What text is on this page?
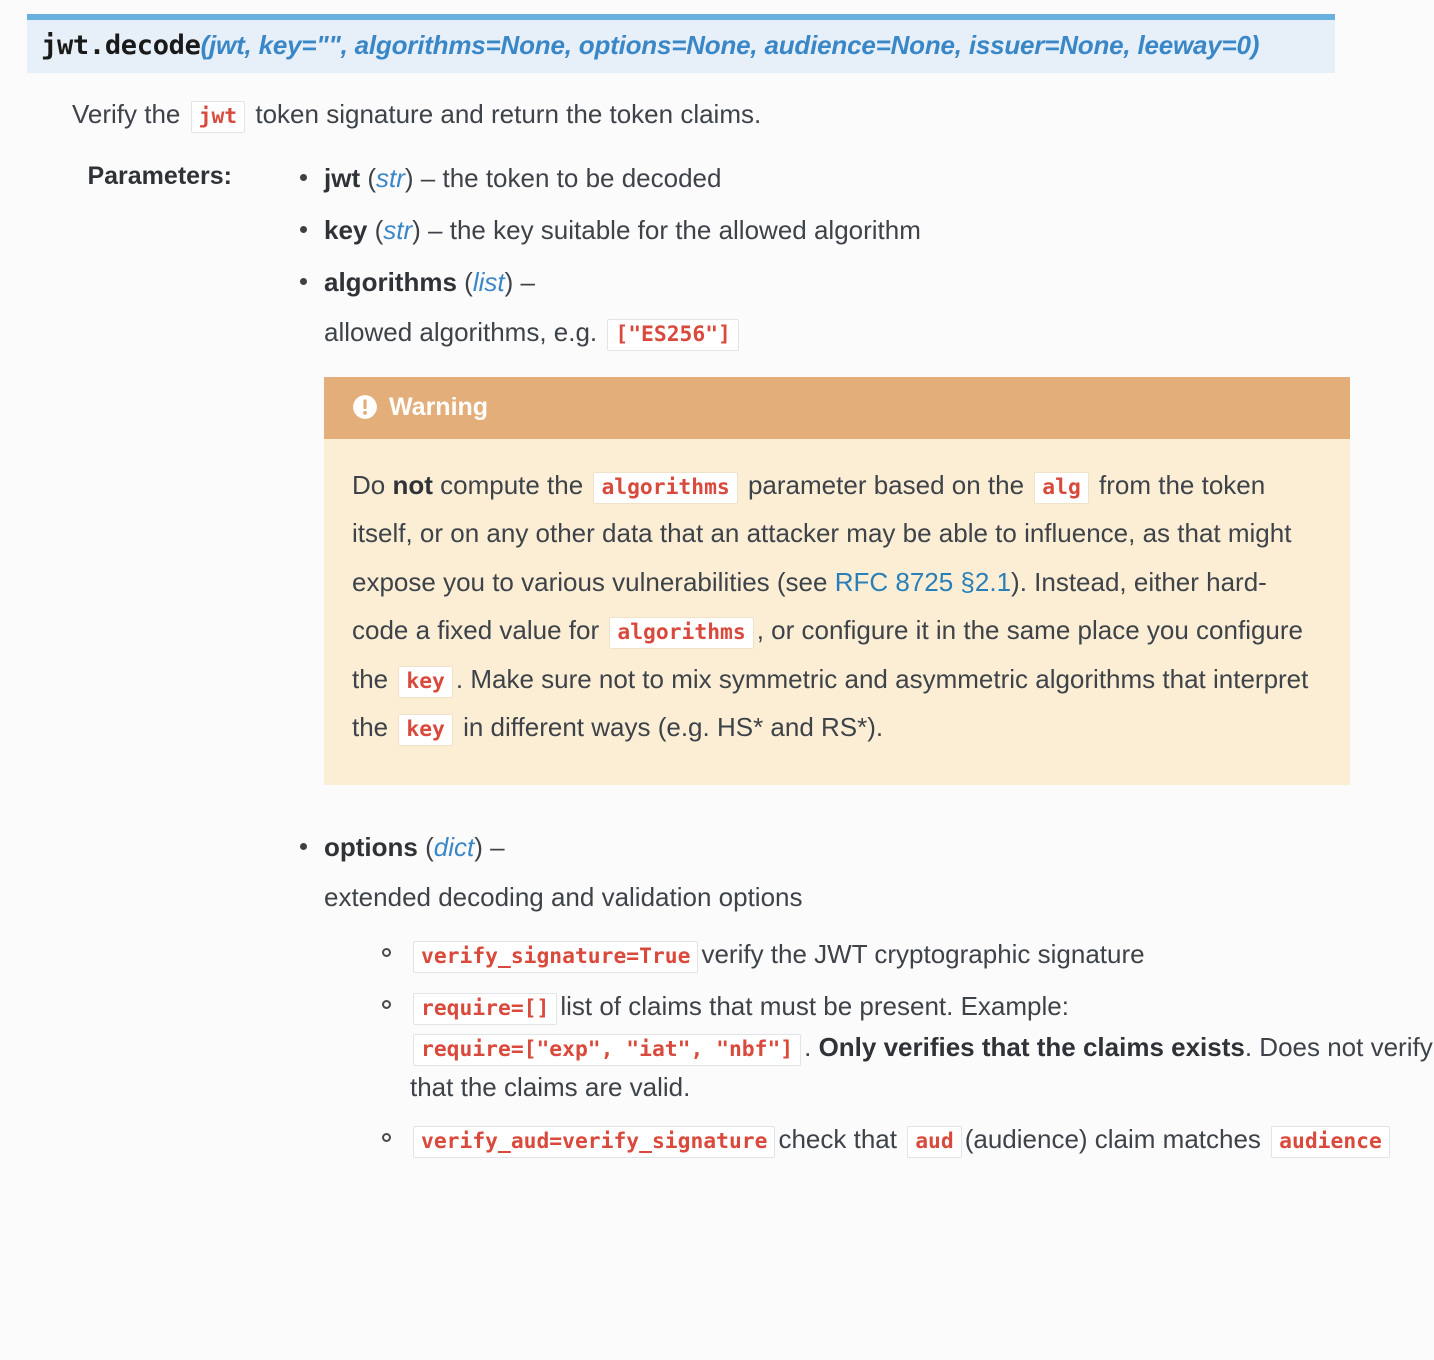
jwt.decode(jwt, key="", algorithms=None, options=None, audience=None, issuer=None, leeway=0)

Verify the jwt token signature and return the token claims.

Parameters:	jwt (str) – the token to be decoded
key (str) – the key suitable for the allowed algorithm
algorithms (list) –
allowed algorithms, e.g. ["ES256"]
Warning
Do not compute the algorithms parameter based on the alg from the token itself, or on any other data that an attacker may be able to influence, as that might expose you to various vulnerabilities (see RFC 8725 §2.1). Instead, either hard-code a fixed value for algorithms , or configure it in the same place you configure the key . Make sure not to mix symmetric and asymmetric algorithms that interpret the key in different ways (e.g. HS* and RS*).
options (dict) –
extended decoding and validation options
verify_signature=True verify the JWT cryptographic signature
require=[] list of claims that must be present. Example: require=["exp", "iat", "nbf"] . Only verifies that the claims exists. Does not verify that the claims are valid.
verify_aud=verify_signature check that aud (audience) claim matches audience
